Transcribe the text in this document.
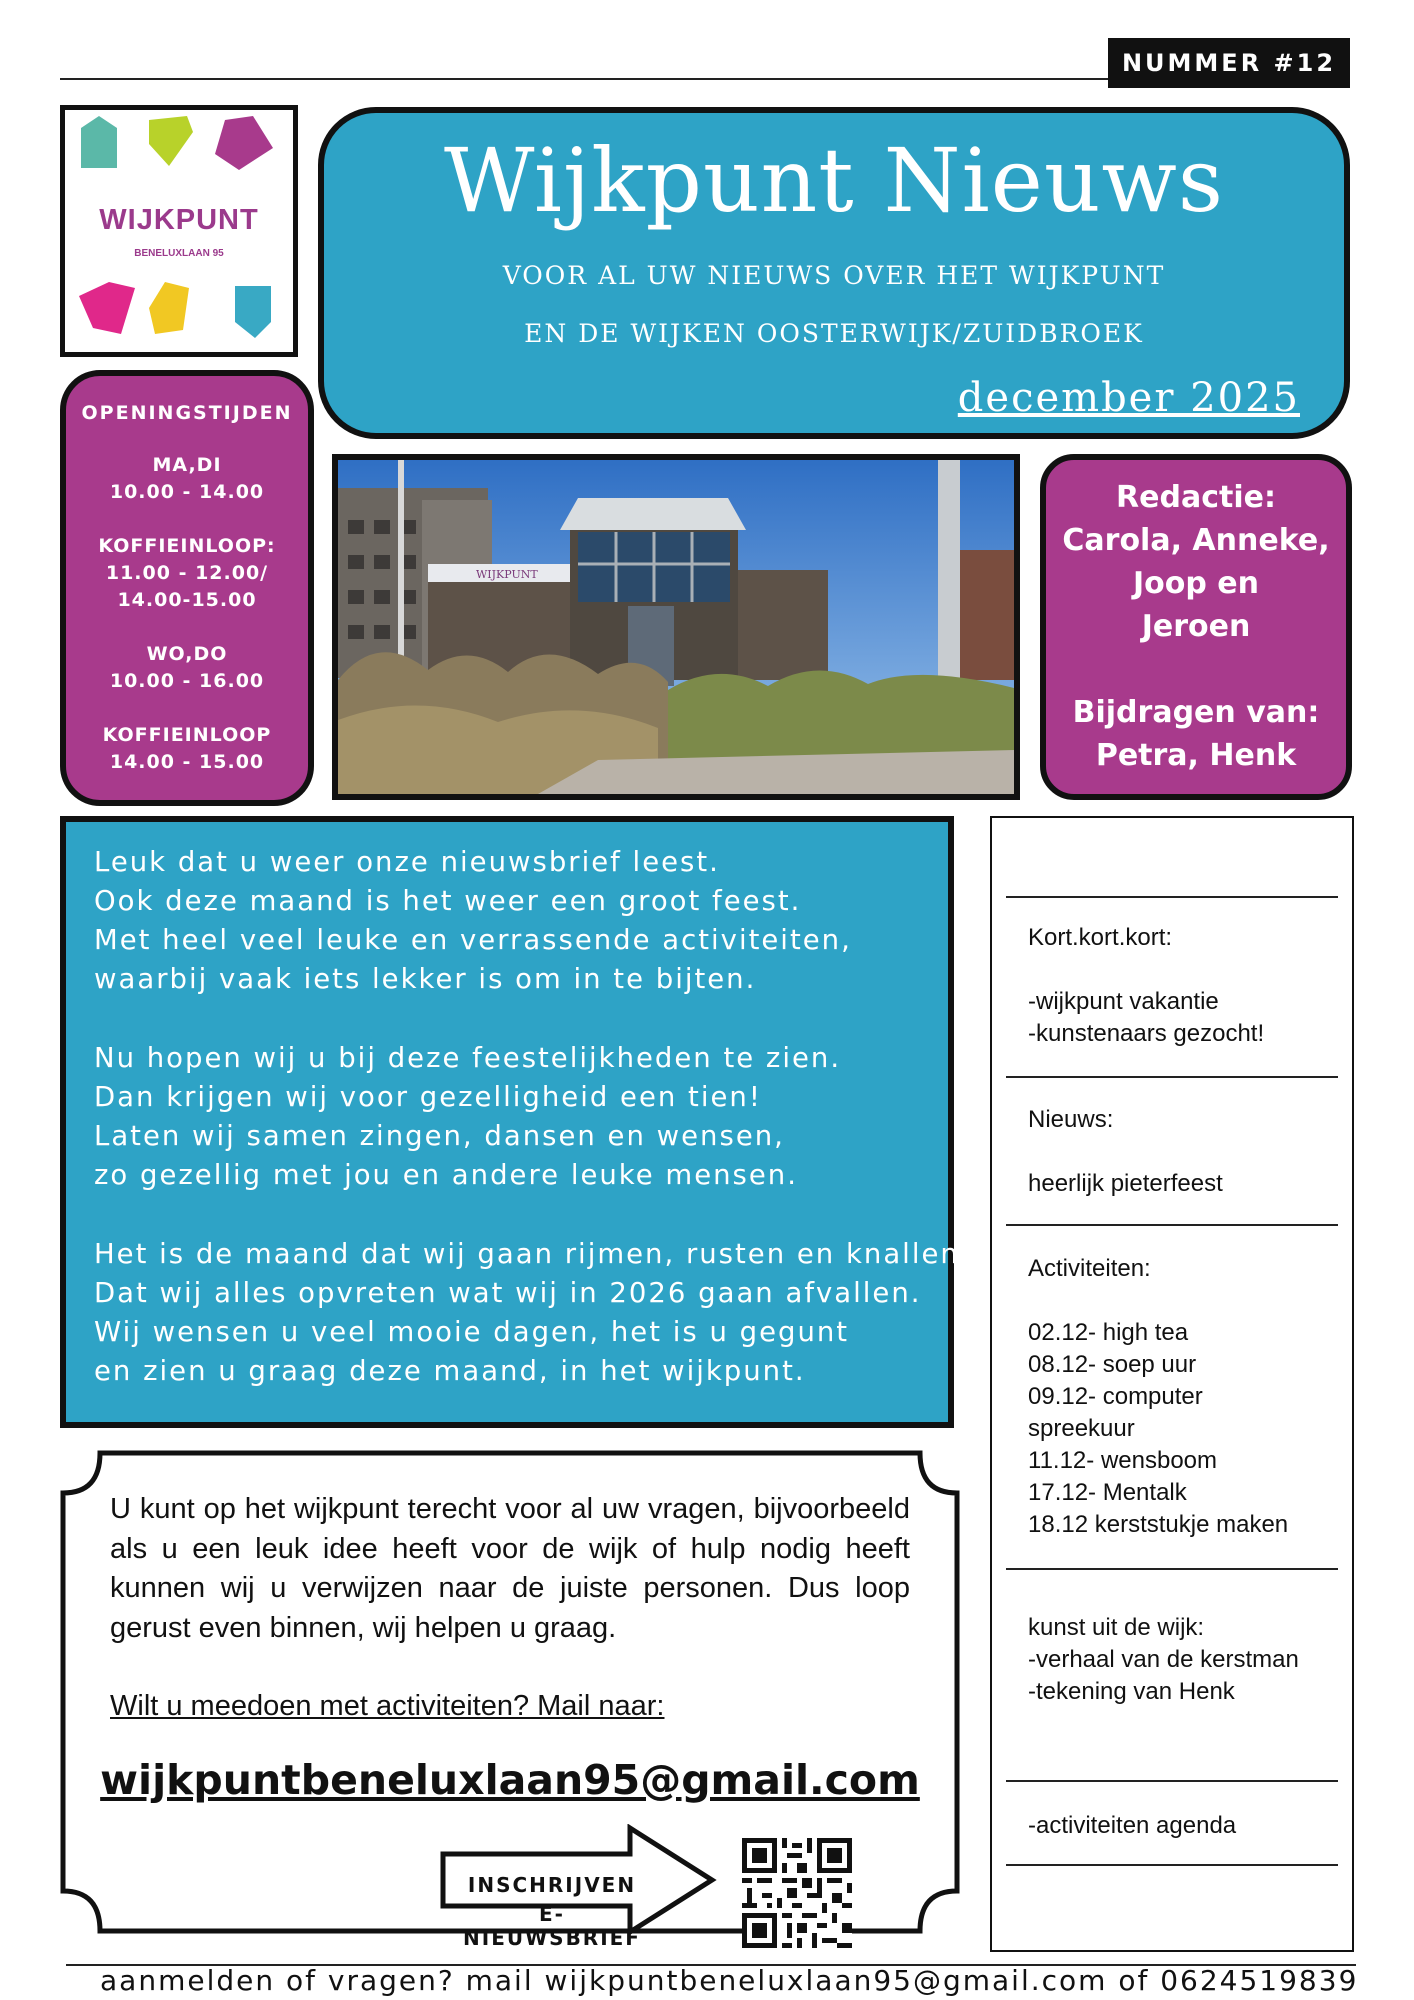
NUMMER #12
WIJKPUNT
BENELUXLAAN 95
Wijkpunt Nieuws
VOOR AL UW NIEUWS OVER HET WIJKPUNT
EN DE WIJKEN OOSTERWIJK/ZUIDBROEK
december 2025
OPENINGSTIJDEN
MA,DI
10.00 - 14.00
KOFFIEINLOOP:
11.00 - 12.00/
14.00-15.00
WO,DO
10.00 - 16.00
KOFFIEINLOOP
14.00 - 15.00
WIJKPUNT
Redactie:
Carola, Anneke,
Joop en
Jeroen
Bijdragen van:
Petra, Henk
Leuk dat u weer onze nieuwsbrief leest.
Ook deze maand is het weer een groot feest.
Met heel veel leuke en verrassende activiteiten,
waarbij vaak iets lekker is om in te bijten.
Nu hopen wij u bij deze feestelijkheden te zien.
Dan krijgen wij voor gezelligheid een tien!
Laten wij samen zingen, dansen en wensen,
zo gezellig met jou en andere leuke mensen.
Het is de maand dat wij gaan rijmen, rusten en knallen.
Dat wij alles opvreten wat wij in 2026 gaan afvallen.
Wij wensen u veel mooie dagen, het is u gegunt
en zien u graag deze maand, in het wijkpunt.
U kunt op het wijkpunt terecht voor al uw vragen, bijvoorbeeld als u een leuk idee heeft voor de wijk of hulp nodig heeft kunnen wij u verwijzen naar de juiste personen. Dus loop gerust even binnen, wij helpen u graag.
Wilt u meedoen met activiteiten? Mail naar:
wijkpuntbeneluxlaan95@gmail.com
INSCHRIJVEN
E-NIEUWSBRIEF
Kort.kort.kort:
-wijkpunt vakantie
-kunstenaars gezocht!
Nieuws:
heerlijk pieterfeest
Activiteiten:
02.12- high tea
08.12- soep uur
09.12- computer
spreekuur
11.12- wensboom
17.12- Mentalk
18.12 kerststukje maken
kunst uit de wijk:
-verhaal van de kerstman
-tekening van Henk
-activiteiten agenda
aanmelden of vragen? mail wijkpuntbeneluxlaan95@gmail.com of 0624519839
